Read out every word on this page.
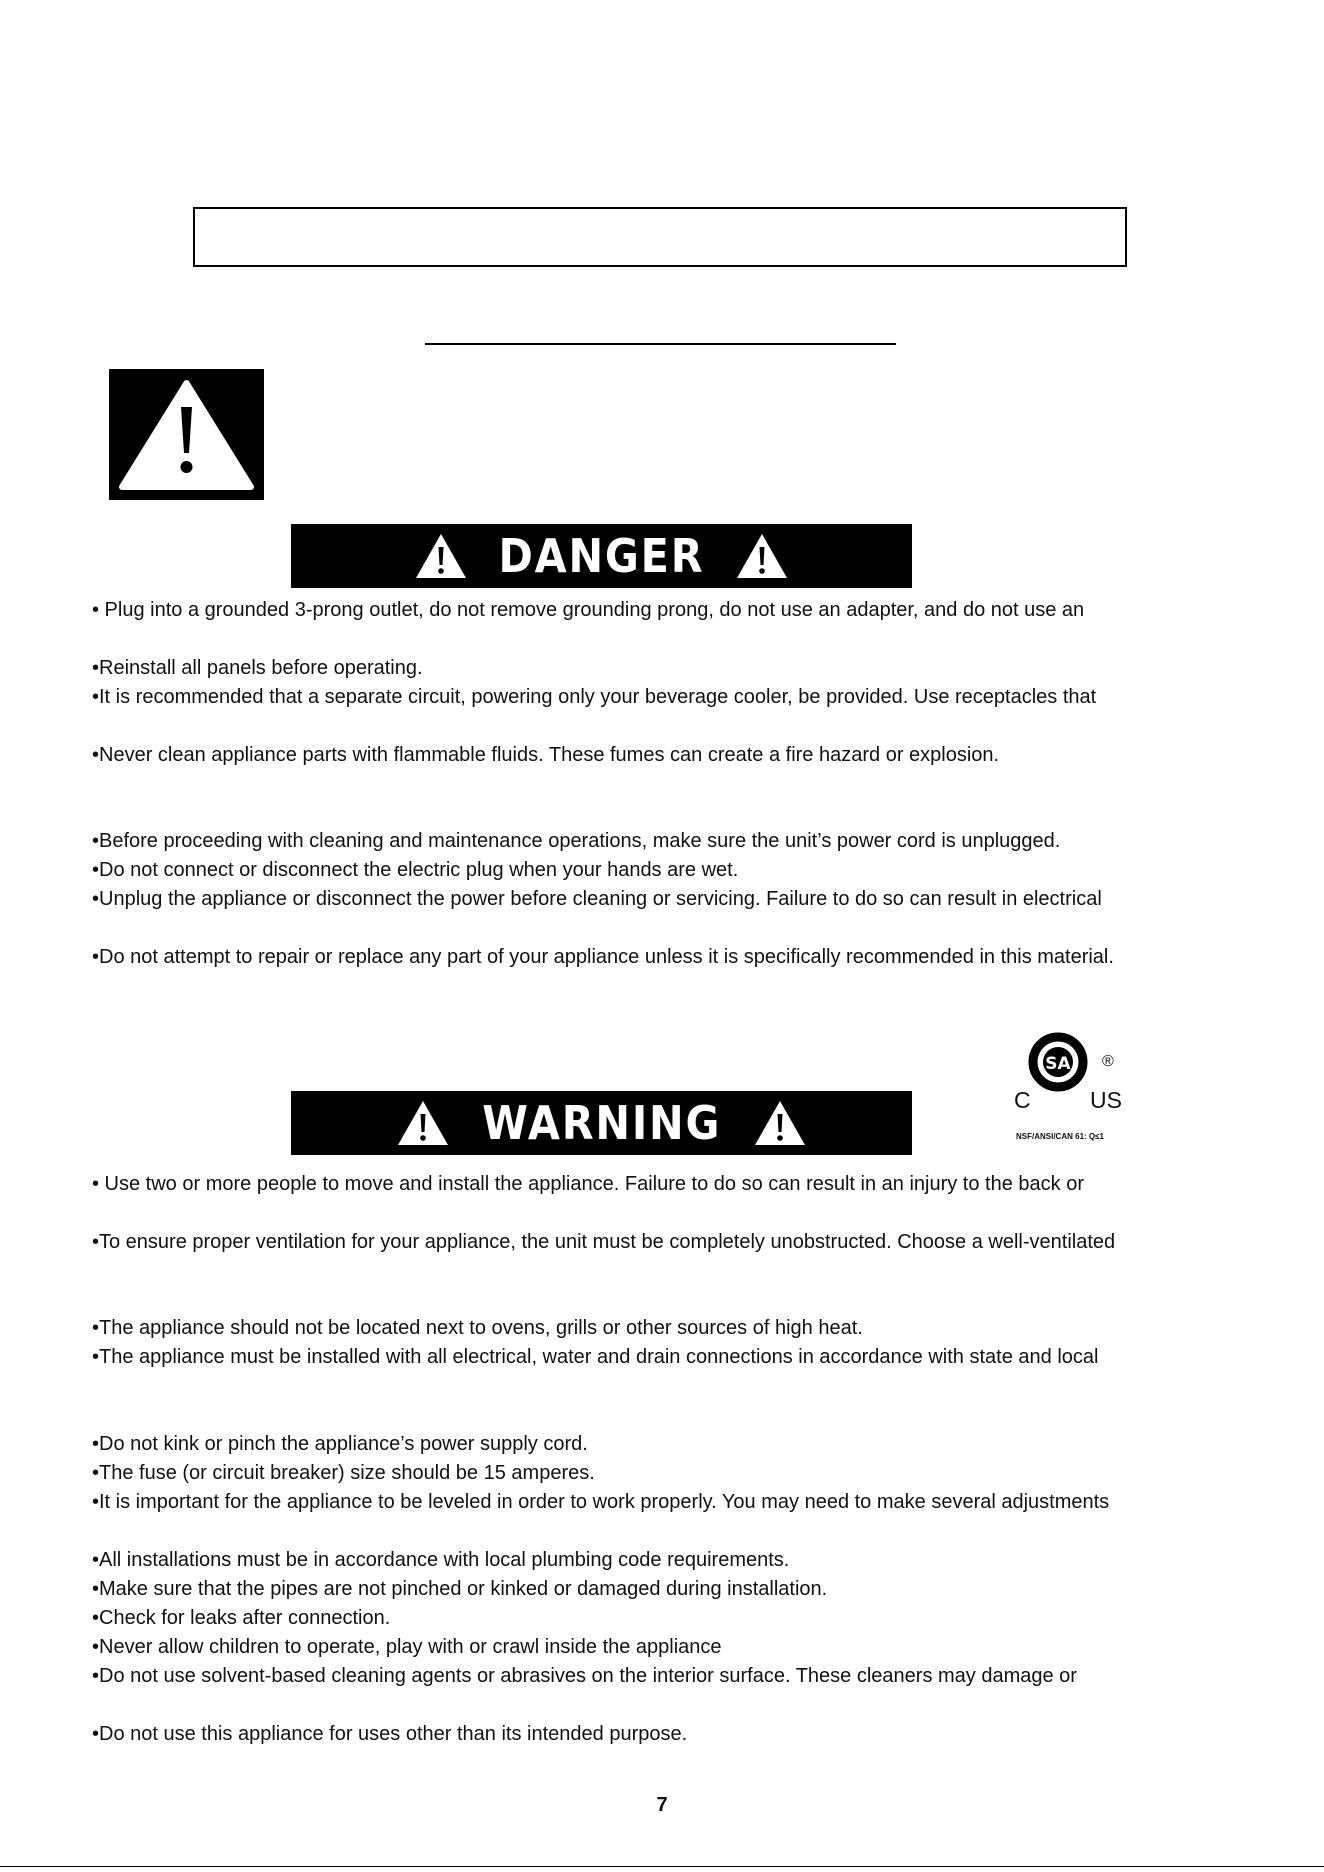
DANGER
• Plug into a grounded 3-prong outlet, do not remove grounding prong, do not use an adapter, and do not use an
•Reinstall all panels before operating.
•It is recommended that a separate circuit, powering only your beverage cooler, be provided. Use receptacles that
•Never clean appliance parts with flammable fluids. These fumes can create a fire hazard or explosion.
•Before proceeding with cleaning and maintenance operations, make sure the unit’s power cord is unplugged.
•Do not connect or disconnect the electric plug when your hands are wet.
•Unplug the appliance or disconnect the power before cleaning or servicing. Failure to do so can result in electrical
•Do not attempt to repair or replace any part of your appliance unless it is specifically recommended in this material.
SA ®
C	US
NSF/ANSI/CAN 61: Q≤1
WARNING
• Use two or more people to move and install the appliance. Failure to do so can result in an injury to the back or
•To ensure proper ventilation for your appliance, the unit must be completely unobstructed. Choose a well-ventilated
•The appliance should not be located next to ovens, grills or other sources of high heat.
•The appliance must be installed with all electrical, water and drain connections in accordance with state and local
•Do not kink or pinch the appliance’s power supply cord.
•The fuse (or circuit breaker) size should be 15 amperes.
•It is important for the appliance to be leveled in order to work properly. You may need to make several adjustments
•All installations must be in accordance with local plumbing code requirements.
•Make sure that the pipes are not pinched or kinked or damaged during installation.
•Check for leaks after connection.
•Never allow children to operate, play with or crawl inside the appliance
•Do not use solvent-based cleaning agents or abrasives on the interior surface. These cleaners may damage or
•Do not use this appliance for uses other than its intended purpose.
7
